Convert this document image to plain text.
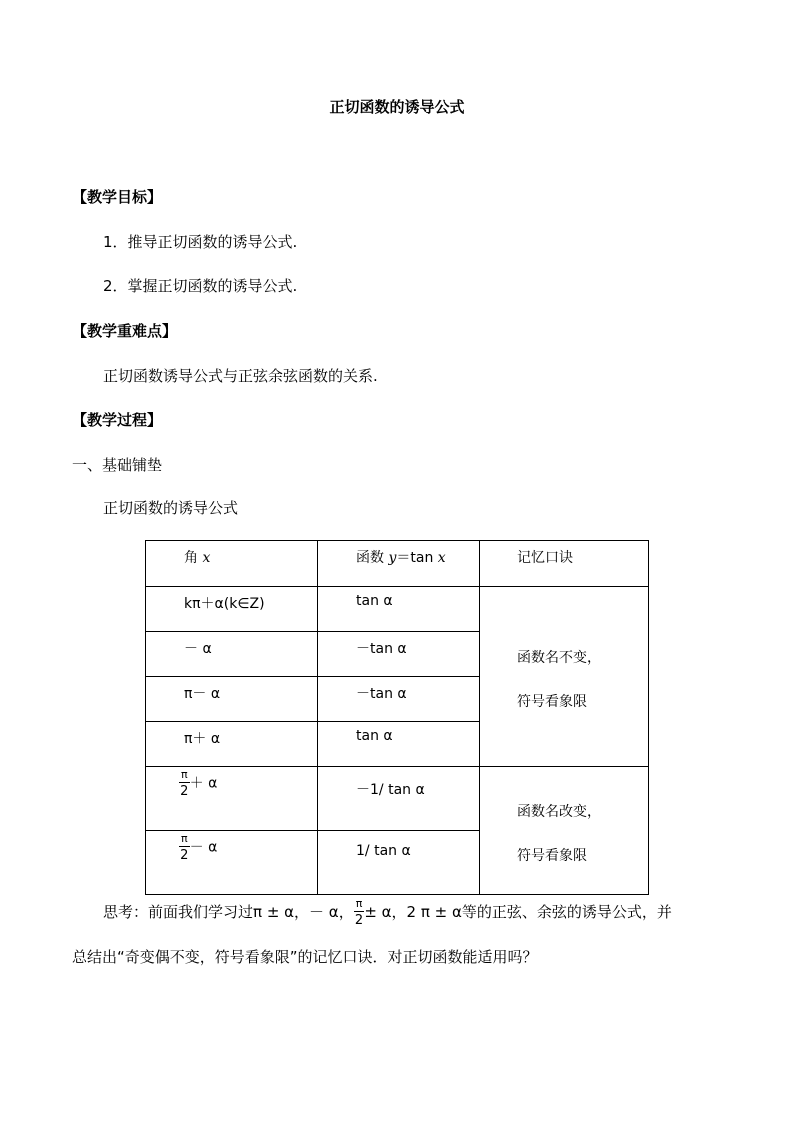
正切函数的诱导公式
【教学目标】
1．推导正切函数的诱导公式.
2．掌握正切函数的诱导公式.
【教学重难点】
正切函数诱导公式与正弦余弦函数的关系.
【教学过程】
一、基础铺垫
正切函数的诱导公式
角 x	函数 y＝tan x	记忆口诀
kπ＋α(k∈Z)	tan α	函数名不变，
符号看象限

－ α	－tan α	
π－ α	－tan α	
π＋ α	tan α	

$\frac{\pi}{2} + \alpha$	－1/ tan α	函数名改变，
符号看象限

$\frac{\pi}{2} - \alpha$	1/ tan α	
思考：前面我们学习过π ± α，－ α， $\frac{\pi}{2} \pm \alpha$，2 π ± α等的正弦、余弦的诱导公式，并
总结出“奇变偶不变，符号看象限”的记忆口诀．对正切函数能适用吗？
